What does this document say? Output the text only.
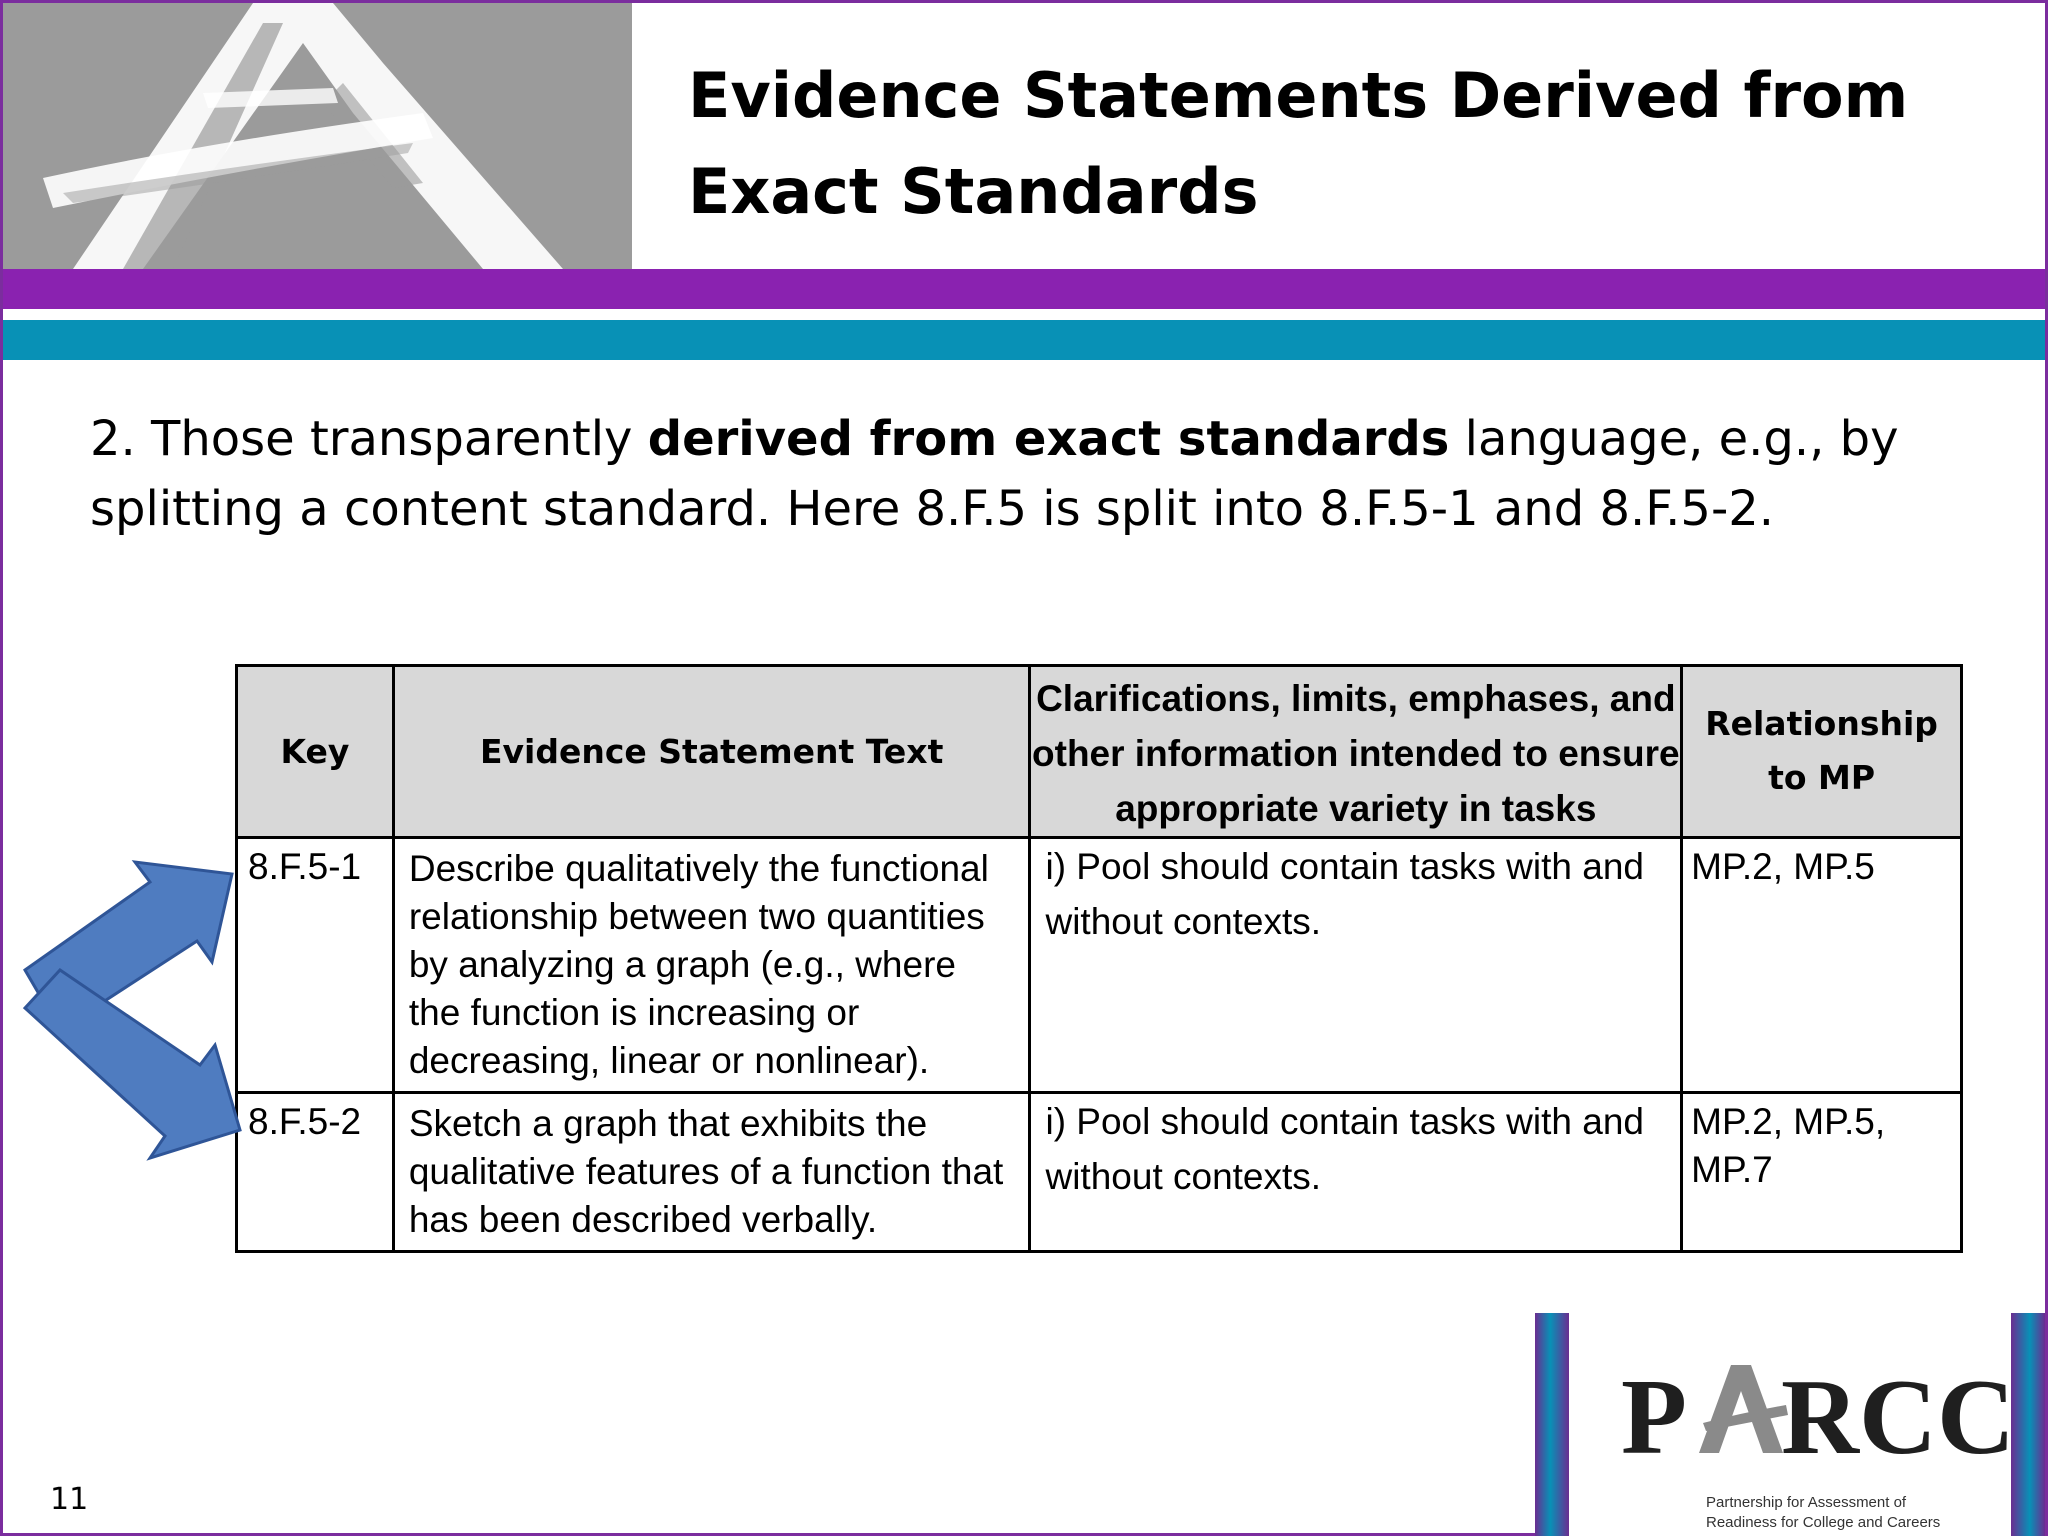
Evidence Statements Derived from Exact Standards
2. Those transparently derived from exact standards language, e.g., by splitting a content standard. Here 8.F.5 is split into 8.F.5-1 and 8.F.5-2.
Key	Evidence Statement Text	Clarifications, limits, emphases, and other information intended to ensure appropriate variety in tasks	Relationship to MP
8.F.5-1	Describe qualitatively the functional relationship between two quantities by analyzing a graph (e.g., where the function is increasing or decreasing, linear or nonlinear).	i) Pool should contain tasks with and without contexts.	MP.2, MP.5
8.F.5-2	Sketch a graph that exhibits the qualitative features of a function that has been described verbally.	i) Pool should contain tasks with and without contexts.	MP.2, MP.5, MP.7
P RCC
Partnership for Assessment of
Readiness for College and Careers
11
